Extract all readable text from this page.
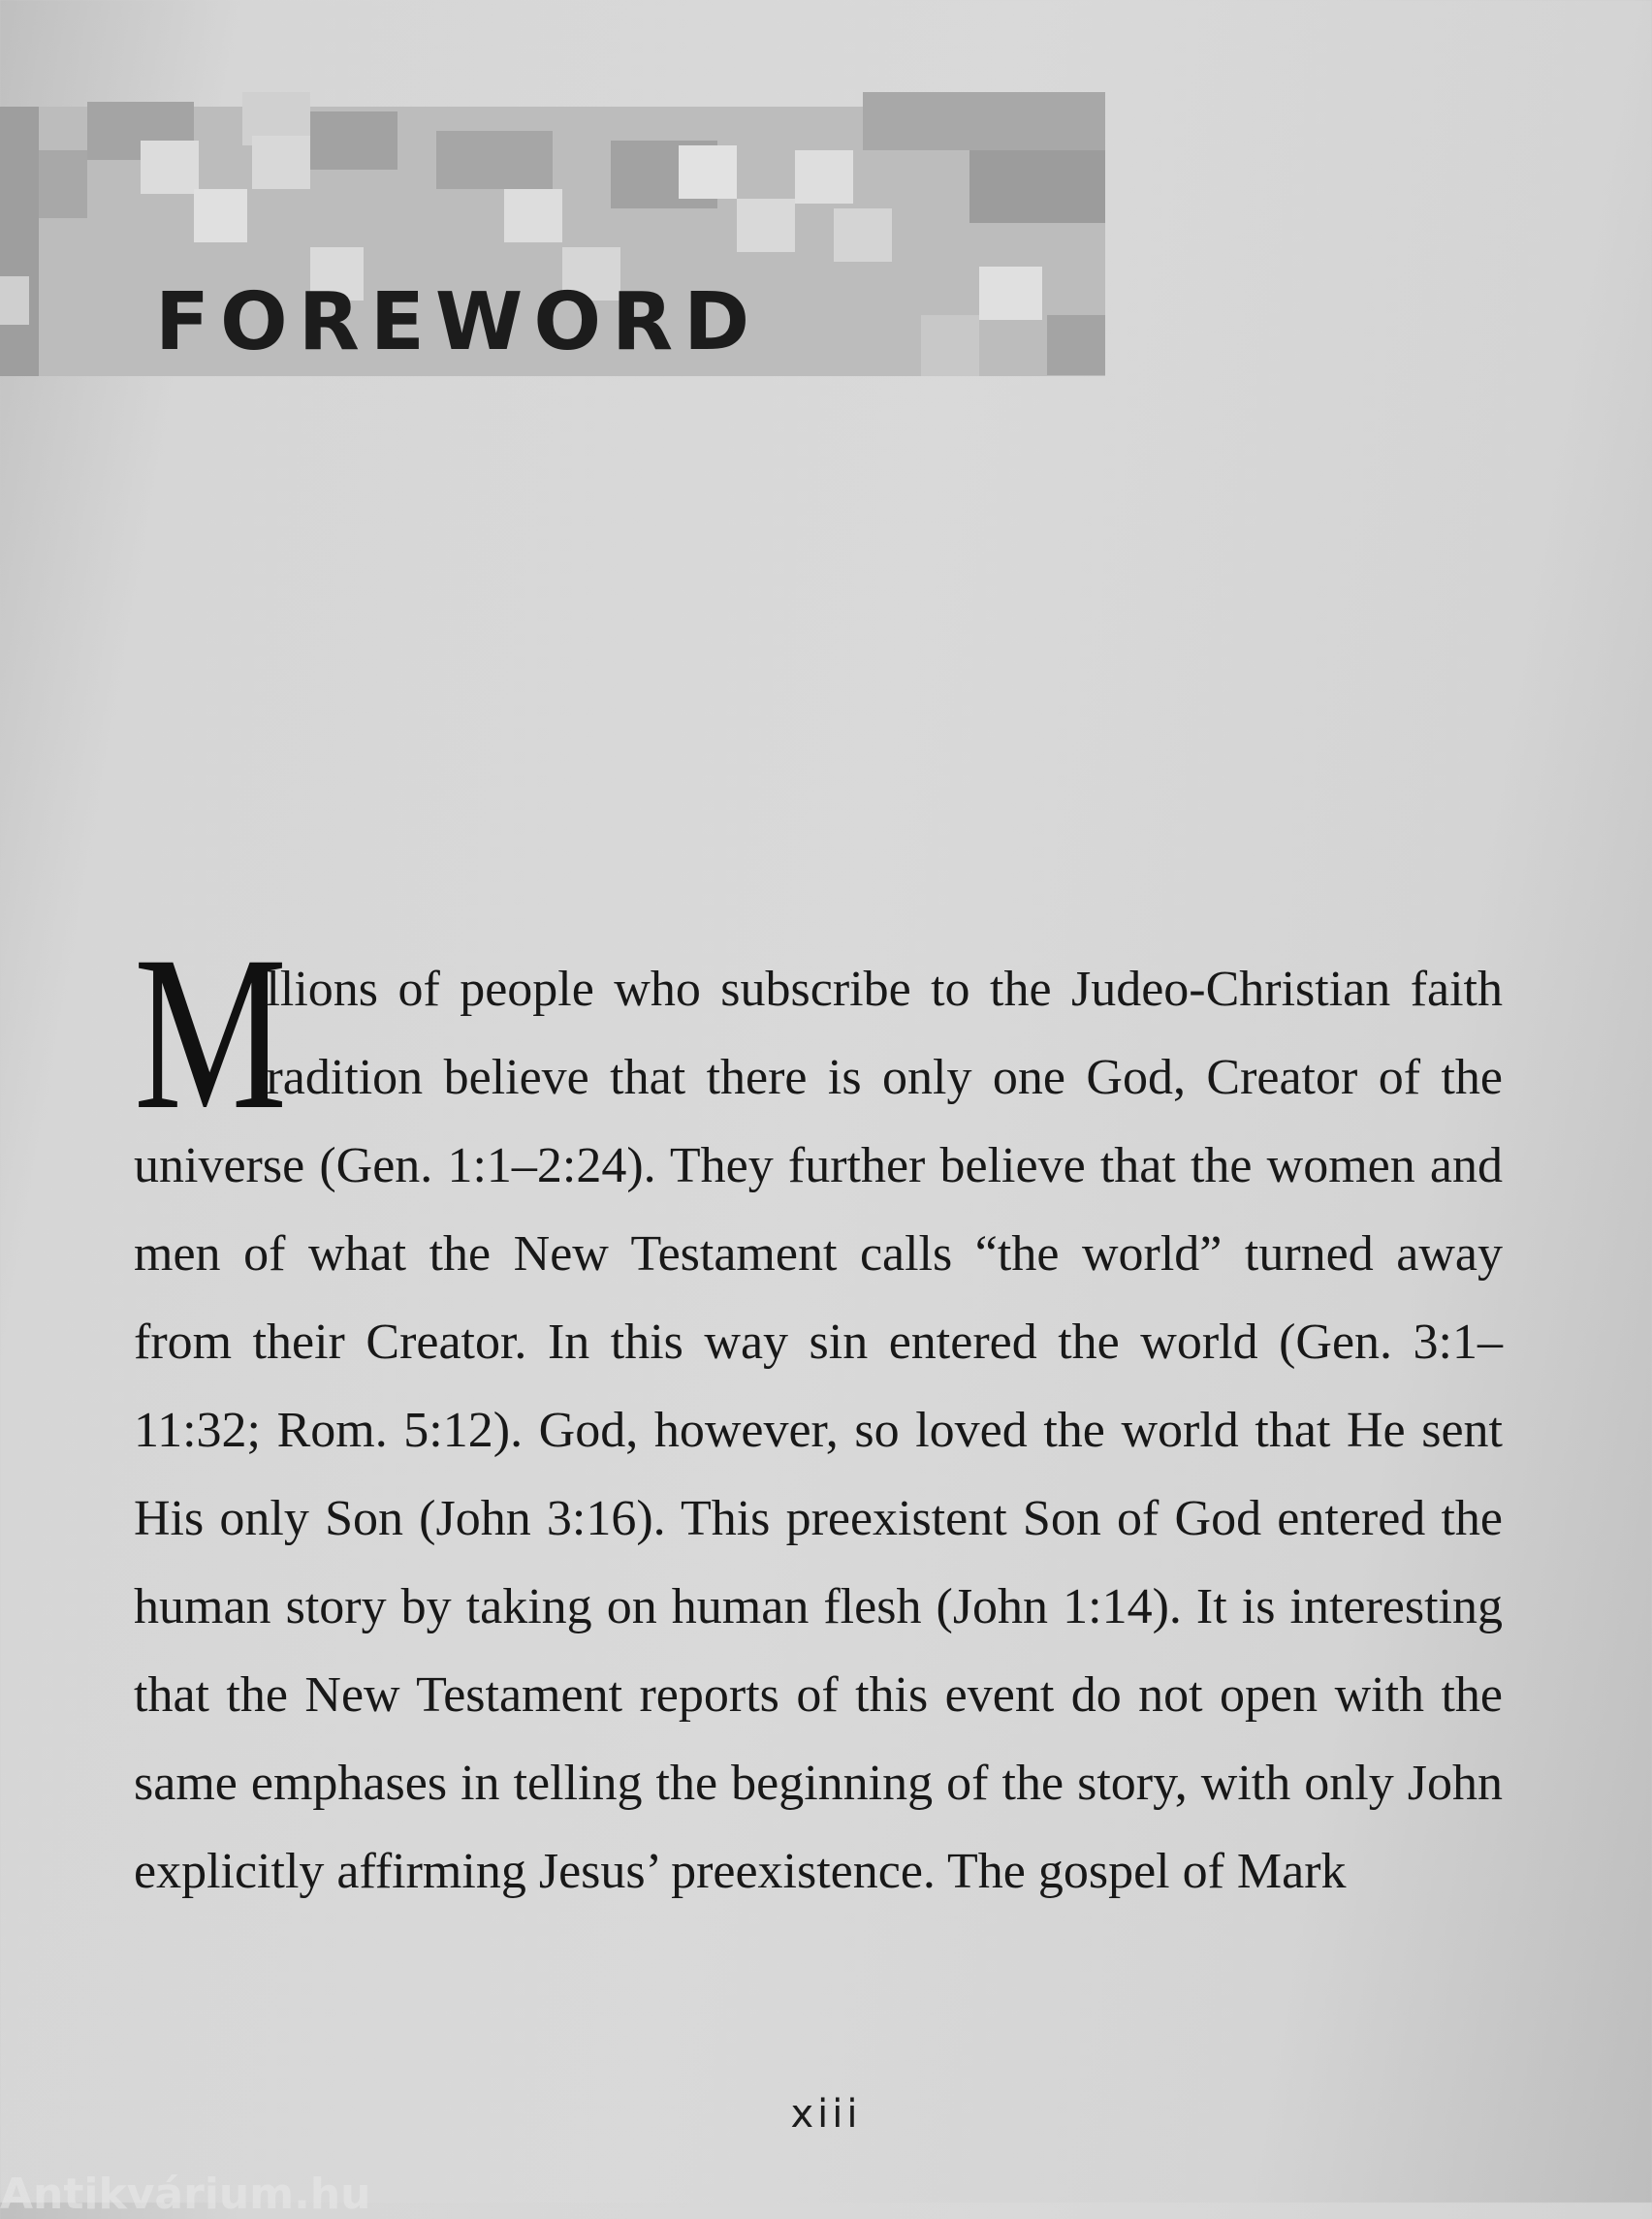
FOREWORD

M
illions of people who subscribe to the Judeo-Christian faith tradition believe that there is only one God, Creator of the universe (Gen. 1:1–2:24). They further believe that the women and men of what the New Testament calls “the world” turned away from their Creator. In this way sin entered the world (Gen. 3:1–11:32; Rom. 5:12). God, however, so loved the world that He sent His only Son (John 3:16). This preexistent Son of God entered the human story by taking on human flesh (John 1:14). It is interesting that the New Testament reports of this event do not open with the same emphases in telling the beginning of the story, with only John explicitly affirming Jesus’ preexistence. The gospel of Mark

xiii
Antikvárium.hu
